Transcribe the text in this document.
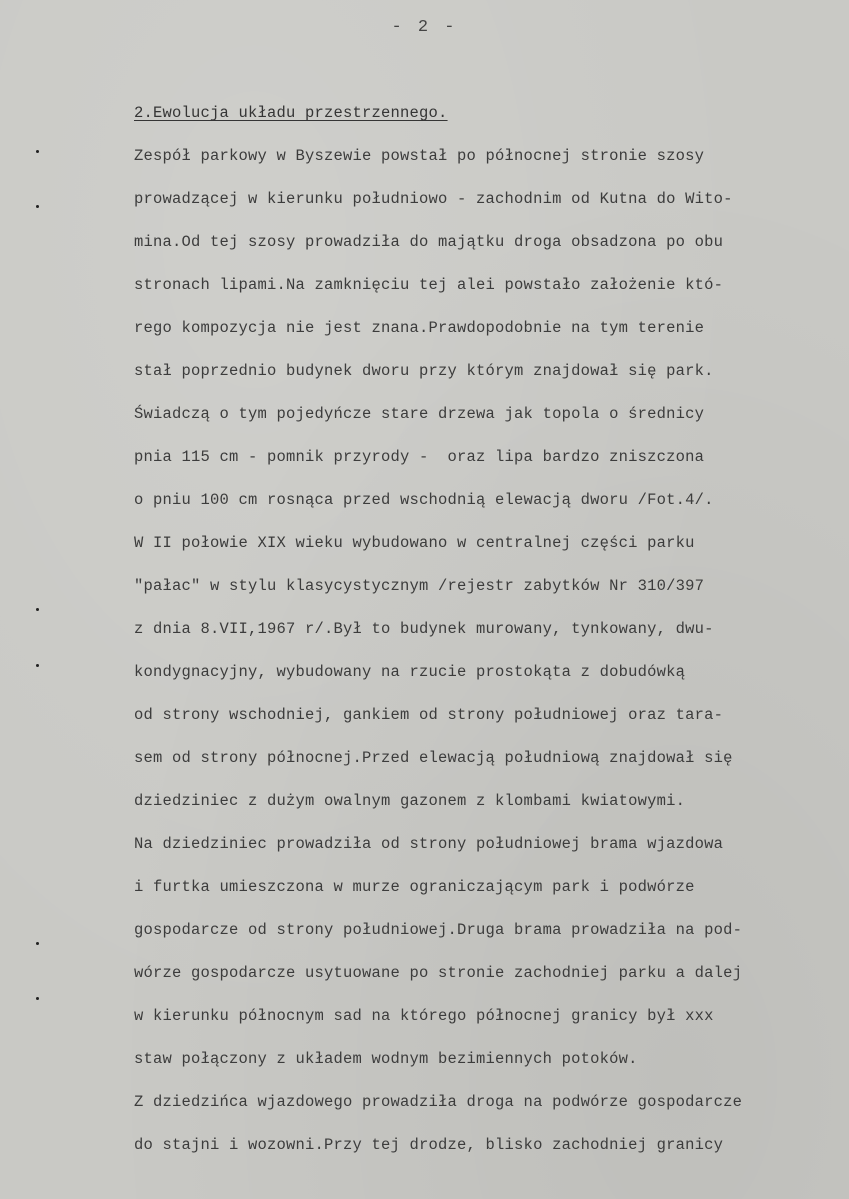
- 2 -
2.Ewolucja układu przestrzennego.
Zespół parkowy w Byszewie powstał po północnej stronie szosy
prowadzącej w kierunku południowo - zachodnim od Kutna do Wito-
mina.Od tej szosy prowadziła do majątku droga obsadzona po obu
stronach lipami.Na zamknięciu tej alei powstało założenie któ-
rego kompozycja nie jest znana.Prawdopodobnie na tym terenie
stał poprzednio budynek dworu przy którym znajdował się park.
Świadczą o tym pojedyńcze stare drzewa jak topola o średnicy
pnia 115 cm - pomnik przyrody -  oraz lipa bardzo zniszczona
o pniu 100 cm rosnąca przed wschodnią elewacją dworu /Fot.4/.
W II połowie XIX wieku wybudowano w centralnej części parku
"pałac" w stylu klasycystycznym /rejestr zabytków Nr 310/397
z dnia 8.VII,1967 r/.Był to budynek murowany, tynkowany, dwu-
kondygnacyjny, wybudowany na rzucie prostokąta z dobudówką
od strony wschodniej, gankiem od strony południowej oraz tara-
sem od strony północnej.Przed elewacją południową znajdował się
dziedziniec z dużym owalnym gazonem z klombami kwiatowymi.
Na dziedziniec prowadziła od strony południowej brama wjazdowa
i furtka umieszczona w murze ograniczającym park i podwórze
gospodarcze od strony południowej.Druga brama prowadziła na pod-
wórze gospodarcze usytuowane po stronie zachodniej parku a dalej
w kierunku północnym sad na którego północnej granicy był xxx
staw połączony z układem wodnym bezimiennych potoków.
Z dziedzińca wjazdowego prowadziła droga na podwórze gospodarcze
do stajni i wozowni.Przy tej drodze, blisko zachodniej granicy
